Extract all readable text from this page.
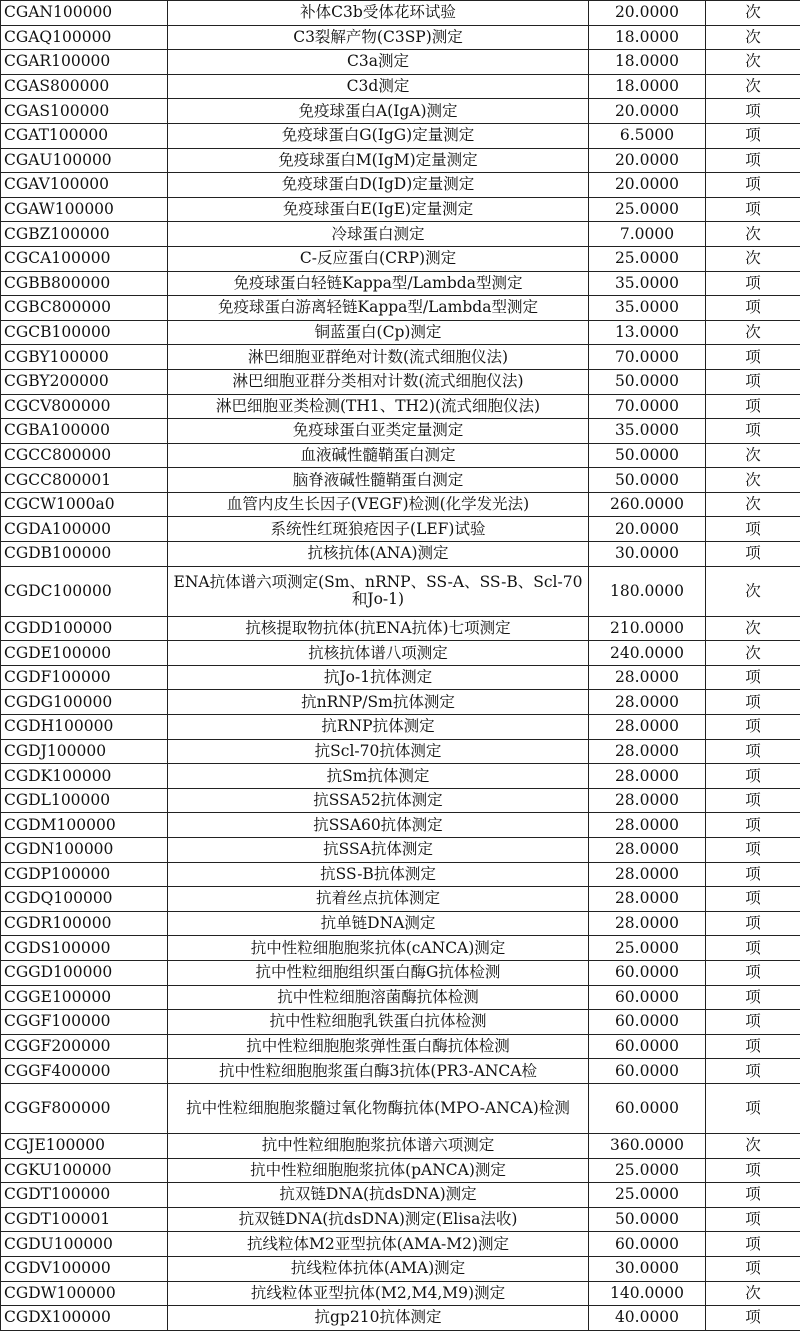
CGAN100000	补体C3b受体花环试验	20.0000	次
CGAQ100000	C3裂解产物(C3SP)测定	18.0000	次
CGAR100000	C3a测定	18.0000	次
CGAS800000	C3d测定	18.0000	次
CGAS100000	免疫球蛋白A(IgA)测定	20.0000	项
CGAT100000	免疫球蛋白G(IgG)定量测定	6.5000	项
CGAU100000	免疫球蛋白M(IgM)定量测定	20.0000	项
CGAV100000	免疫球蛋白D(IgD)定量测定	20.0000	项
CGAW100000	免疫球蛋白E(IgE)定量测定	25.0000	项
CGBZ100000	冷球蛋白测定	7.0000	次
CGCA100000	C-反应蛋白(CRP)测定	25.0000	次
CGBB800000	免疫球蛋白轻链Kappa型/Lambda型测定	35.0000	项
CGBC800000	免疫球蛋白游离轻链Kappa型/Lambda型测定	35.0000	项
CGCB100000	铜蓝蛋白(Cp)测定	13.0000	次
CGBY100000	淋巴细胞亚群绝对计数(流式细胞仪法)	70.0000	项
CGBY200000	淋巴细胞亚群分类相对计数(流式细胞仪法)	50.0000	项
CGCV800000	淋巴细胞亚类检测(TH1、TH2)(流式细胞仪法)	70.0000	项
CGBA100000	免疫球蛋白亚类定量测定	35.0000	项
CGCC800000	血液碱性髓鞘蛋白测定	50.0000	次
CGCC800001	脑脊液碱性髓鞘蛋白测定	50.0000	次
CGCW1000a0	血管内皮生长因子(VEGF)检测(化学发光法)	260.0000	次
CGDA100000	系统性红斑狼疮因子(LEF)试验	20.0000	项
CGDB100000	抗核抗体(ANA)测定	30.0000	项
CGDC100000	ENA抗体谱六项测定(Sm、nRNP、SS-A、SS-B、Scl-70和Jo-1)	180.0000	次
CGDD100000	抗核提取物抗体(抗ENA抗体)七项测定	210.0000	次
CGDE100000	抗核抗体谱八项测定	240.0000	次
CGDF100000	抗Jo-1抗体测定	28.0000	项
CGDG100000	抗nRNP/Sm抗体测定	28.0000	项
CGDH100000	抗RNP抗体测定	28.0000	项
CGDJ100000	抗Scl-70抗体测定	28.0000	项
CGDK100000	抗Sm抗体测定	28.0000	项
CGDL100000	抗SSA52抗体测定	28.0000	项
CGDM100000	抗SSA60抗体测定	28.0000	项
CGDN100000	抗SSA抗体测定	28.0000	项
CGDP100000	抗SS-B抗体测定	28.0000	项
CGDQ100000	抗着丝点抗体测定	28.0000	项
CGDR100000	抗单链DNA测定	28.0000	项
CGDS100000	抗中性粒细胞胞浆抗体(cANCA)测定	25.0000	项
CGGD100000	抗中性粒细胞组织蛋白酶G抗体检测	60.0000	项
CGGE100000	抗中性粒细胞溶菌酶抗体检测	60.0000	项
CGGF100000	抗中性粒细胞乳铁蛋白抗体检测	60.0000	项
CGGF200000	抗中性粒细胞胞浆弹性蛋白酶抗体检测	60.0000	项
CGGF400000	抗中性粒细胞胞浆蛋白酶3抗体(PR3-ANCA检	60.0000	项
CGGF800000	抗中性粒细胞胞浆髓过氧化物酶抗体(MPO-ANCA)检测	60.0000	项
CGJE100000	抗中性粒细胞胞浆抗体谱六项测定	360.0000	次
CGKU100000	抗中性粒细胞胞浆抗体(pANCA)测定	25.0000	项
CGDT100000	抗双链DNA(抗dsDNA)测定	25.0000	项
CGDT100001	抗双链DNA(抗dsDNA)测定(Elisa法收)	50.0000	项
CGDU100000	抗线粒体M2亚型抗体(AMA-M2)测定	60.0000	项
CGDV100000	抗线粒体抗体(AMA)测定	30.0000	项
CGDW100000	抗线粒体亚型抗体(M2,M4,M9)测定	140.0000	次
CGDX100000	抗gp210抗体测定	40.0000	项
